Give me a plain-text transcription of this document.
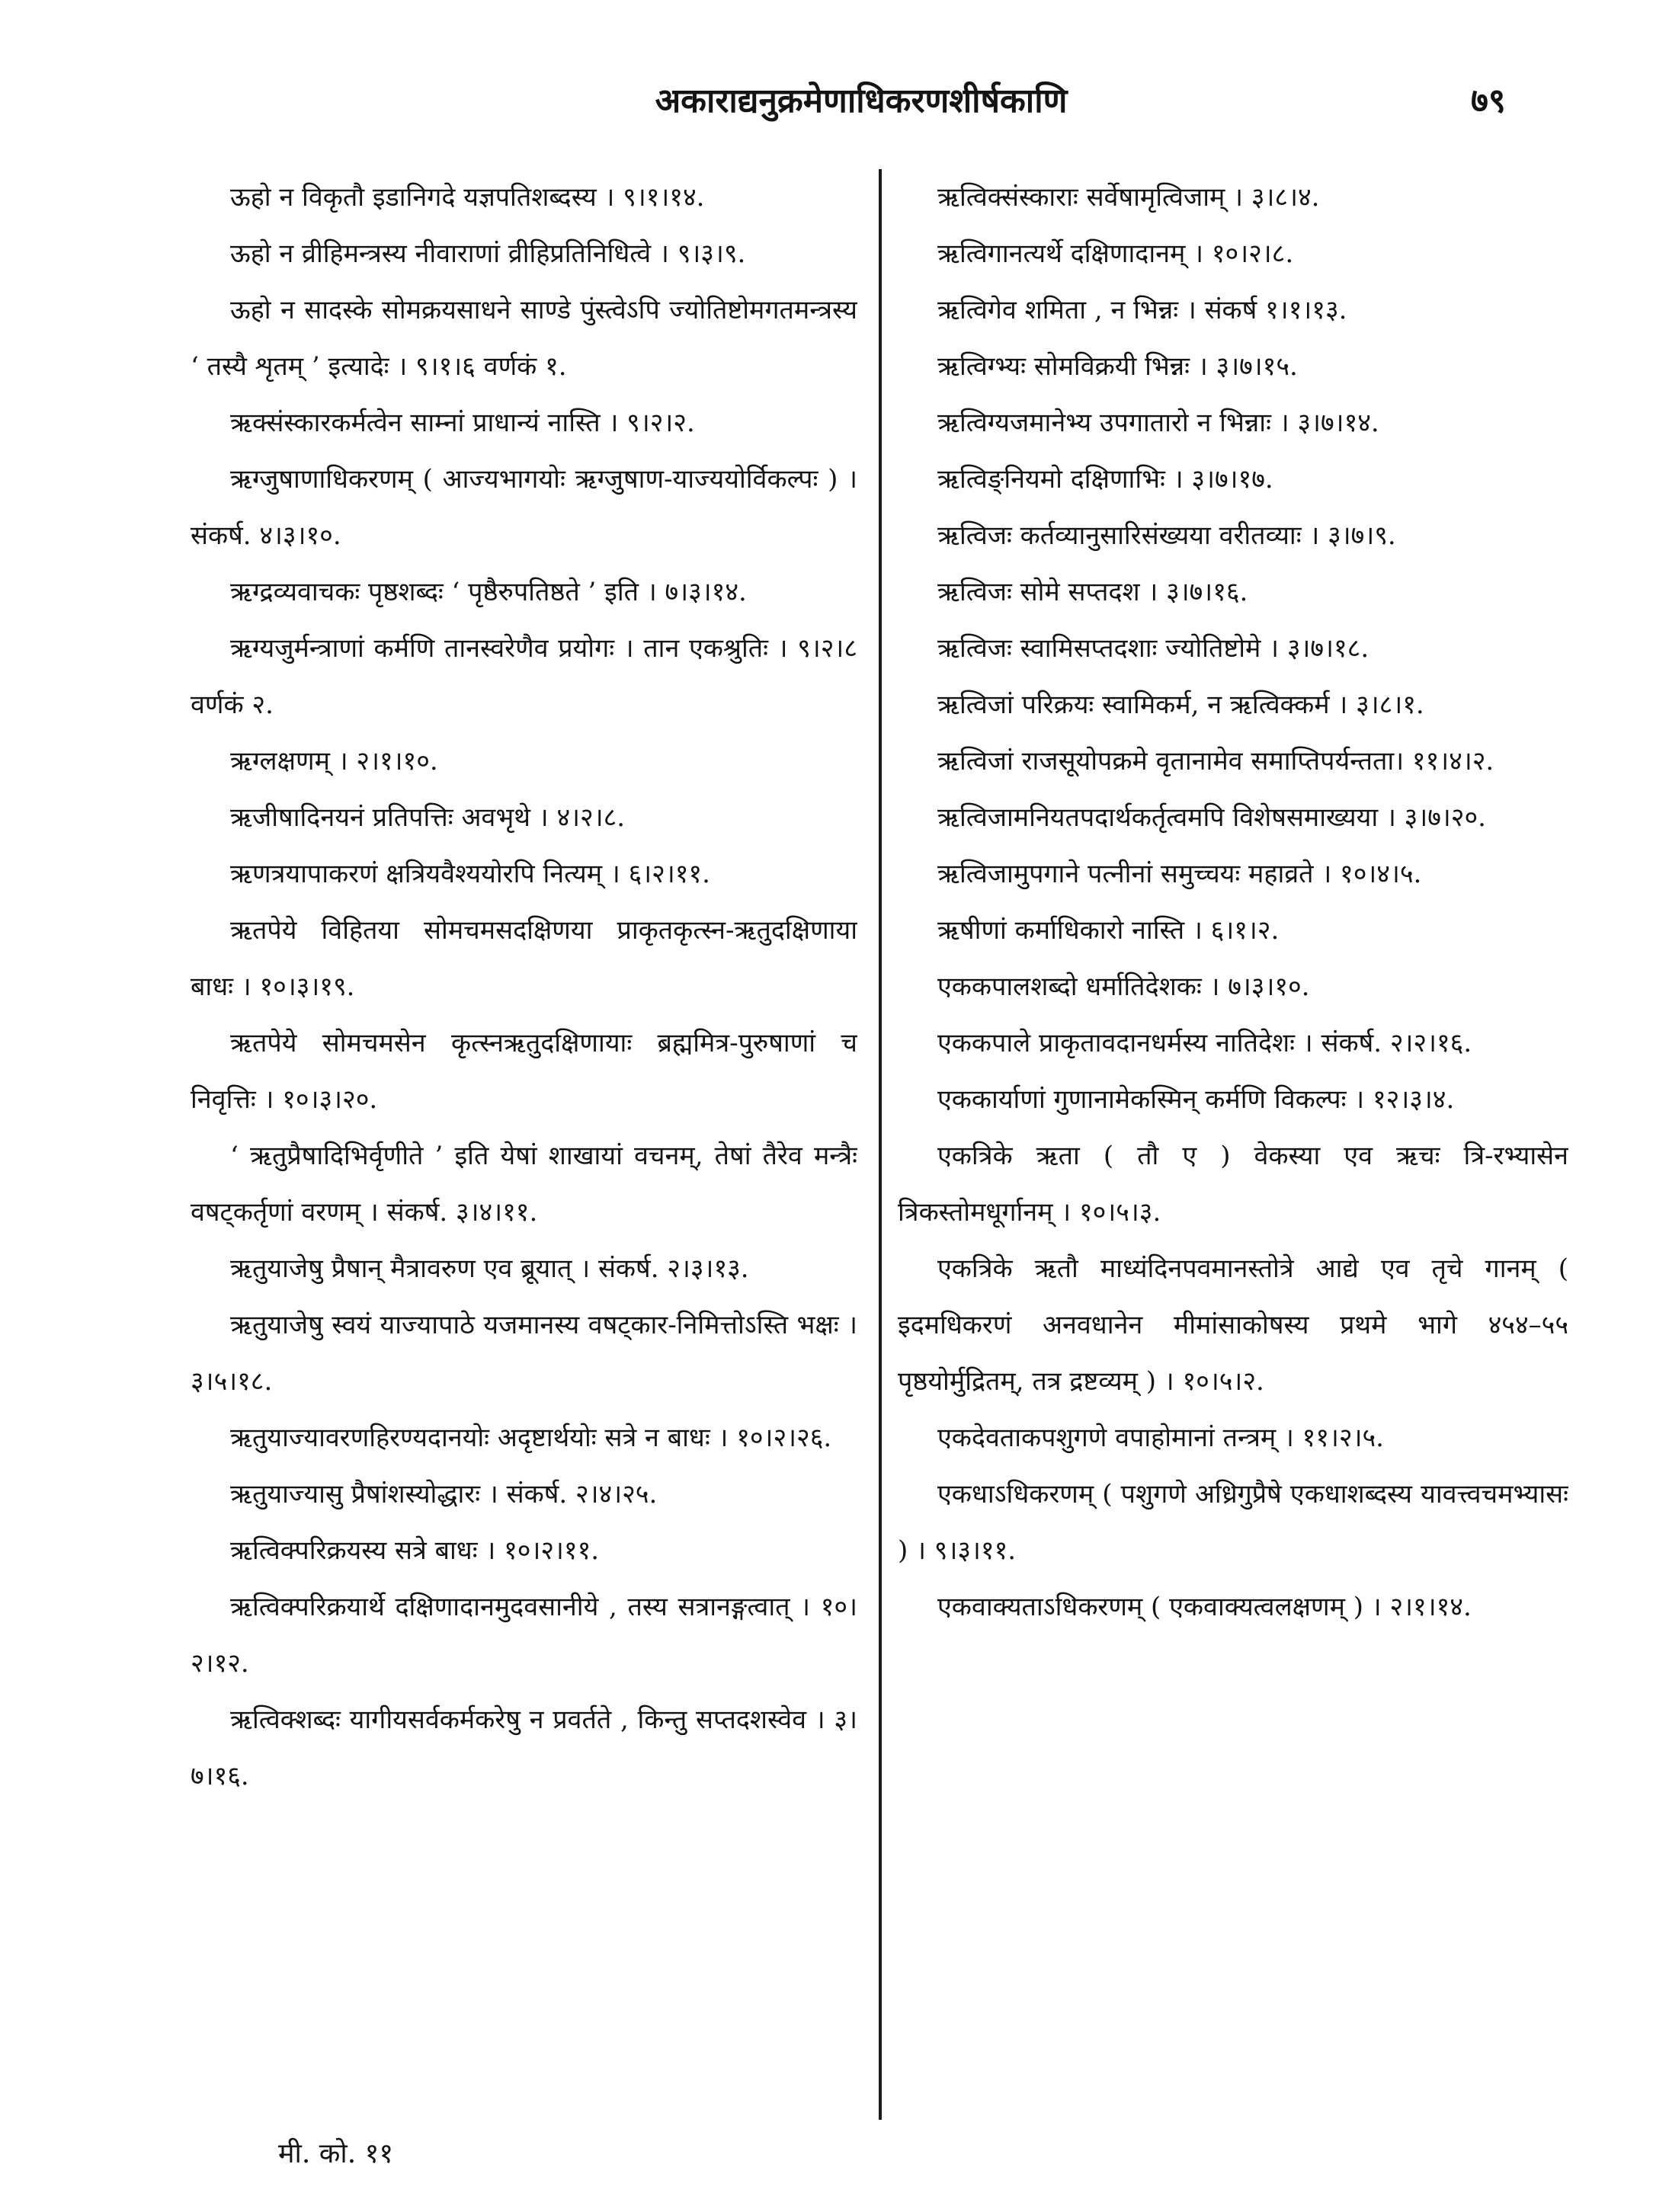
अकाराद्यनुक्रमेणाधिकरणशीर्षकाणि	७९

ऊहो न विकृतौ इडानिगदे यज्ञपतिशब्दस्य । ९।१।१४.

ऊहो न व्रीहिमन्त्रस्य नीवाराणां व्रीहिप्रतिनिधित्वे । ९।३।९.

ऊहो न सादस्के सोमक्रयसाधने साण्डे पुंस्त्वेऽपि ज्योतिष्टोमगतमन्त्रस्य ‘ तस्यै शृतम् ’ इत्यादेः । ९।१।६ वर्णकं १.

ऋक्संस्कारकर्मत्वेन साम्नां प्राधान्यं नास्ति । ९।२।२.

ऋग्जुषाणाधिकरणम् ( आज्यभागयोः ऋग्जुषाण-याज्ययोर्विकल्पः ) । संकर्ष. ४।३।१०.

ऋग्द्रव्यवाचकः पृष्ठशब्दः ‘ पृष्ठैरुपतिष्ठते ’ इति । ७।३।१४.

ऋग्यजुर्मन्त्राणां कर्मणि तानस्वरेणैव प्रयोगः । तान एकश्रुतिः । ९।२।८ वर्णकं २.

ऋग्लक्षणम् । २।१।१०.

ऋजीषादिनयनं प्रतिपत्तिः अवभृथे । ४।२।८.

ऋणत्रयापाकरणं क्षत्रियवैश्ययोरपि नित्यम् । ६।२।११.

ऋतपेये विहितया सोमचमसदक्षिणया प्राकृतकृत्स्न-ऋतुदक्षिणाया बाधः । १०।३।१९.

ऋतपेये सोमचमसेन कृत्स्नऋतुदक्षिणायाः ब्रह्ममित्र-पुरुषाणां च निवृत्तिः । १०।३।२०.

‘ ऋतुप्रैषादिभिर्वृणीते ’ इति येषां शाखायां वचनम्, तेषां तैरेव मन्त्रैः वषट्कर्तृणां वरणम् । संकर्ष. ३।४।११.

ऋतुयाजेषु प्रैषान् मैत्रावरुण एव ब्रूयात् । संकर्ष. २।३।१३.

ऋतुयाजेषु स्वयं याज्यापाठे यजमानस्य वषट्कार-निमित्तोऽस्ति भक्षः । ३।५।१८.

ऋतुयाज्यावरणहिरण्यदानयोः अदृष्टार्थयोः सत्रे न बाधः । १०।२।२६.

ऋतुयाज्यासु प्रैषांशस्योद्धारः । संकर्ष. २।४।२५.

ऋत्विक्परिक्रयस्य सत्रे बाधः । १०।२।११.

ऋत्विक्परिक्रयार्थे दक्षिणादानमुदवसानीये , तस्य सत्रानङ्गत्वात् । १०।२।१२.

ऋत्विक्शब्दः यागीयसर्वकर्मकरेषु न प्रवर्तते , किन्तु सप्तदशस्वेव । ३।७।१६.

ऋत्विक्संस्काराः सर्वेषामृत्विजाम् । ३।८।४.

ऋत्विगानत्यर्थे दक्षिणादानम् । १०।२।८.

ऋत्विगेव शमिता , न भिन्नः । संकर्ष १।१।१३.

ऋत्विग्भ्यः सोमविक्रयी भिन्नः । ३।७।१५.

ऋत्विग्यजमानेभ्य उपगातारो न भिन्नाः । ३।७।१४.

ऋत्विङ्नियमो दक्षिणाभिः । ३।७।१७.

ऋत्विजः कर्तव्यानुसारिसंख्यया वरीतव्याः । ३।७।९.

ऋत्विजः सोमे सप्तदश । ३।७।१६.

ऋत्विजः स्वामिसप्तदशाः ज्योतिष्टोमे । ३।७।१८.

ऋत्विजां परिक्रयः स्वामिकर्म, न ऋत्विक्कर्म । ३।८।१.

ऋत्विजां राजसूयोपक्रमे वृतानामेव समाप्तिपर्यन्तता। ११।४।२.

ऋत्विजामनियतपदार्थकर्तृत्वमपि विशेषसमाख्यया । ३।७।२०.

ऋत्विजामुपगाने पत्नीनां समुच्चयः महाव्रते । १०।४।५.

ऋषीणां कर्माधिकारो नास्ति । ६।१।२.

एककपालशब्दो धर्मातिदेशकः । ७।३।१०.

एककपाले प्राकृतावदानधर्मस्य नातिदेशः । संकर्ष. २।२।१६.

एककार्याणां गुणानामेकस्मिन् कर्मणि विकल्पः । १२।३।४.

एकत्रिके ऋता ( तौ ए ) वेकस्या एव ऋचः त्रि-रभ्यासेन त्रिकस्तोमधूर्गानम् । १०।५।३.

एकत्रिके ऋतौ माध्यंदिनपवमानस्तोत्रे आद्ये एव तृचे गानम् ( इदमधिकरणं अनवधानेन मीमांसाकोषस्य प्रथमे भागे ४५४–५५ पृष्ठयोर्मुद्रितम्, तत्र द्रष्टव्यम् ) । १०।५।२.

एकदेवताकपशुगणे वपाहोमानां तन्त्रम् । ११।२।५.

एकधाऽधिकरणम् ( पशुगणे अध्रिगुप्रैषे एकधाशब्दस्य यावत्त्वचमभ्यासः ) । ९।३।११.

एकवाक्यताऽधिकरणम् ( एकवाक्यत्वलक्षणम् ) । २।१।१४.

मी. को. ११
